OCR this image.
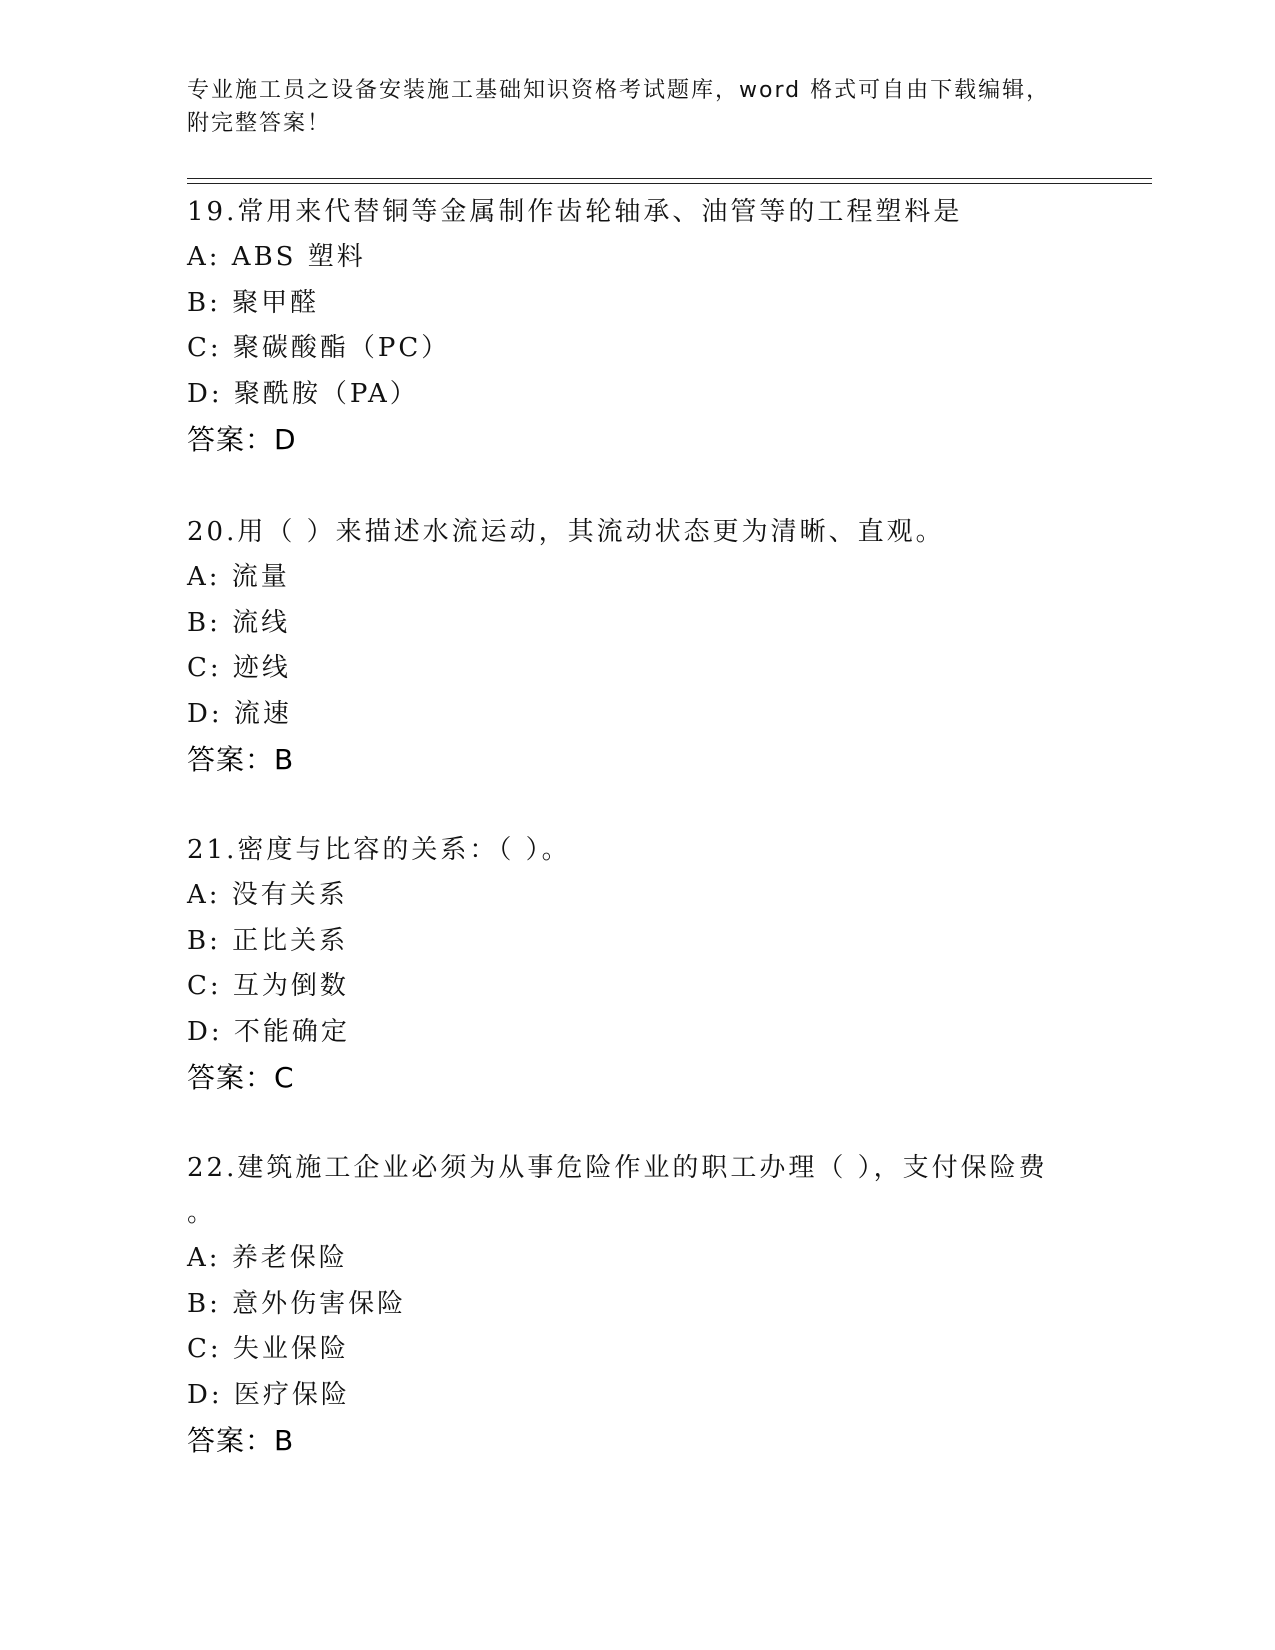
专业施工员之设备安装施工基础知识资格考试题库，word 格式可自由下载编辑，
附完整答案！
19.常用来代替铜等金属制作齿轮轴承、油管等的工程塑料是
A: ABS 塑料
B: 聚甲醛
C: 聚碳酸酯（PC）
D: 聚酰胺（PA）
答案：D
20.用（ ）来描述水流运动，其流动状态更为清晰、直观。
A: 流量
B: 流线
C: 迹线
D: 流速
答案：B
21.密度与比容的关系：（ ）。
A: 没有关系
B: 正比关系
C: 互为倒数
D: 不能确定
答案：C
22.建筑施工企业必须为从事危险作业的职工办理（ ），支付保险费
。
A: 养老保险
B: 意外伤害保险
C: 失业保险
D: 医疗保险
答案：B
